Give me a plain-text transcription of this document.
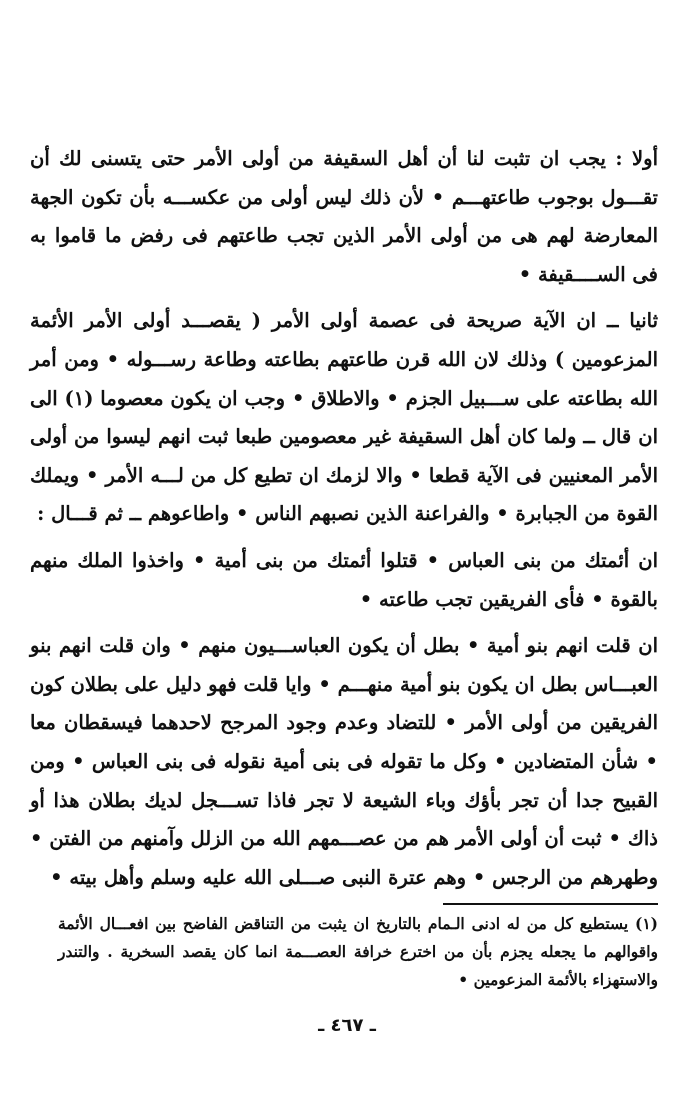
أولا : يجب ان تثبت لنا أن أهل السقيفة من أولى الأمر حتى يتسنى لك أن تقـــول بوجوب طاعتهـــم • لأن ذلك ليس أولى من عكســـه بأن تكون الجهة المعارضة لهم هى من أولى الأمر الذين تجب طاعتهم فى رفض ما قاموا به فى الســــقيفة •

ثانيا ــ ان الآية صريحة فى عصمة أولى الأمر ( يقصـــد أولى الأمر الأئمة المزعومين ) وذلك لان الله قرن طاعتهم بطاعته وطاعة رســـوله • ومن أمر الله بطاعته على ســـبيل الجزم • والاطلاق • وجب ان يكون معصوما (١) الى ان قال ــ ولما كان أهل السقيفة غير معصومين طبعا ثبت انهم ليسوا من أولى الأمر المعنيين فى الآية قطعا • والا لزمك ان تطيع كل من لـــه الأمر • ويملك القوة من الجبابرة • والفراعنة الذين نصبهم الناس • واطاعوهم ــ ثم قـــال :

ان أئمتك من بنى العباس • قتلوا أئمتك من بنى أمية • واخذوا الملك منهم بالقوة • فأى الفريقين تجب طاعته •

ان قلت انهم بنو أمية • بطل أن يكون العباســـيون منهم • وان قلت انهم بنو العبـــاس بطل ان يكون بنو أمية منهـــم • وايا قلت فهو دليل على بطلان كون الفريقين من أولى الأمر • للتضاد وعدم وجود المرجح لاحدهما فيسقطان معا • شأن المتضادين • وكل ما تقوله فى بنى أمية نقوله فى بنى العباس • ومن القبيح جدا أن تجر بأؤك وباء الشيعة لا تجر فاذا تســـجل لديك بطلان هذا أو ذاك • ثبت أن أولى الأمر هم من عصـــمهم الله من الزلل وآمنهم من الفتن • وطهرهم من الرجس • وهم عترة النبى صـــلى الله عليه وسلم وأهل بيته •

(١) يستطيع كل من له ادنى الـمام بالتاريخ ان يثبت من التناقض الفاضح بين افعـــال الأئمة واقوالهم ما يجعله يجزم بأن من اخترع خرافة العصـــمة انما كان يقصد السخرية . والتندر والاستهزاء بالأئمة المزعومين •

ـ ٤٦٧ ـ
